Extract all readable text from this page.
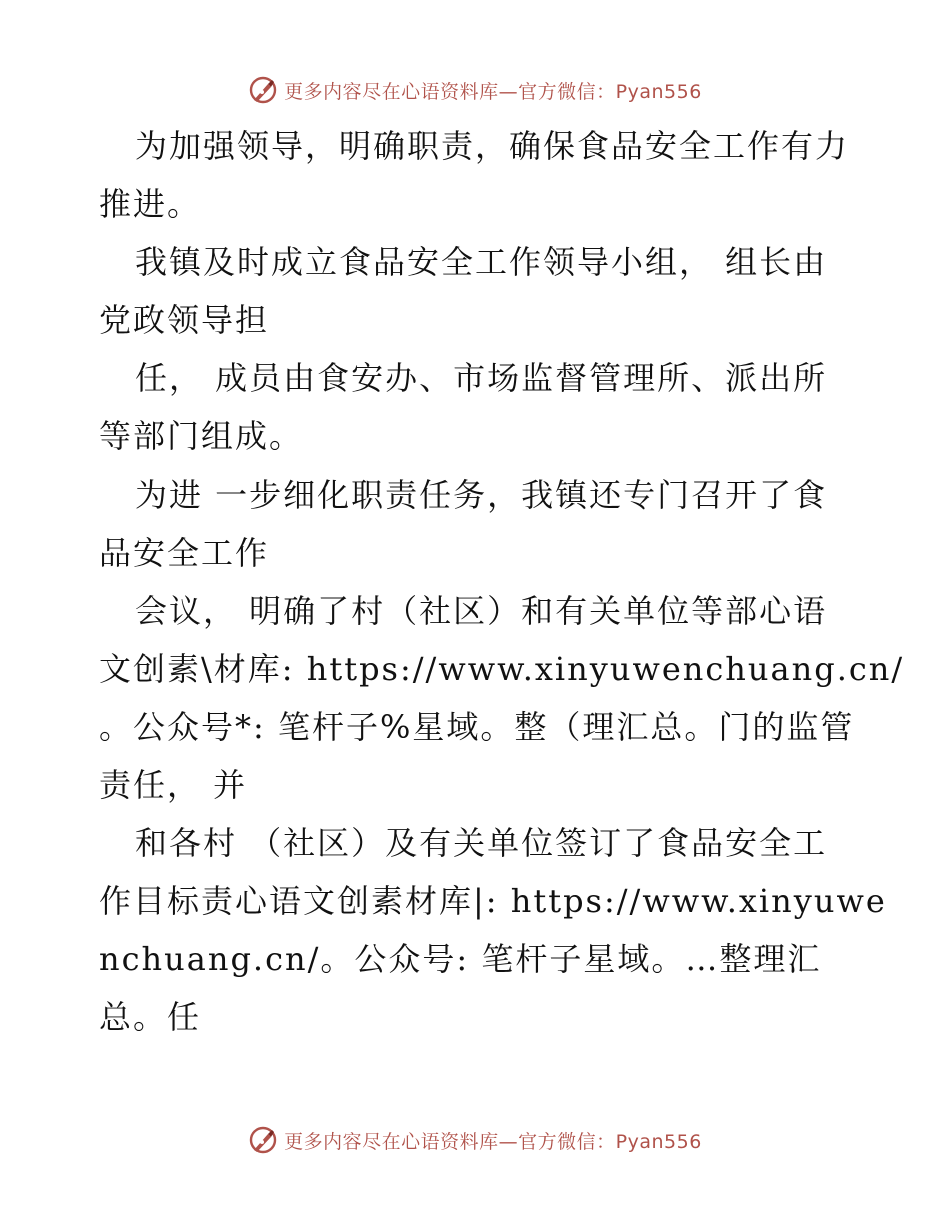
更多内容尽在心语资料库—官方微信：Pyan556
为加强领导，明确职责，确保食品安全工作有力
推进。
我镇及时成立食品安全工作领导小组， 组长由
党政领导担
任， 成员由食安办、市场监督管理所、派出所
等部门组成。
为进 一步细化职责任务，我镇还专门召开了食
品安全工作
会议， 明确了村（社区）和有关单位等部心语
文创素\材库: https://www.xinyuwenchuang.cn/
。公众号*: 笔杆子%星域。整（理汇总。门的监管
责任， 并
和各村 （社区）及有关单位签订了食品安全工
作目标责心语文创素材库|: https://www.xinyuwe
nchuang.cn/。公众号: 笔杆子星域。…整理汇
总。任
更多内容尽在心语资料库—官方微信：Pyan556
